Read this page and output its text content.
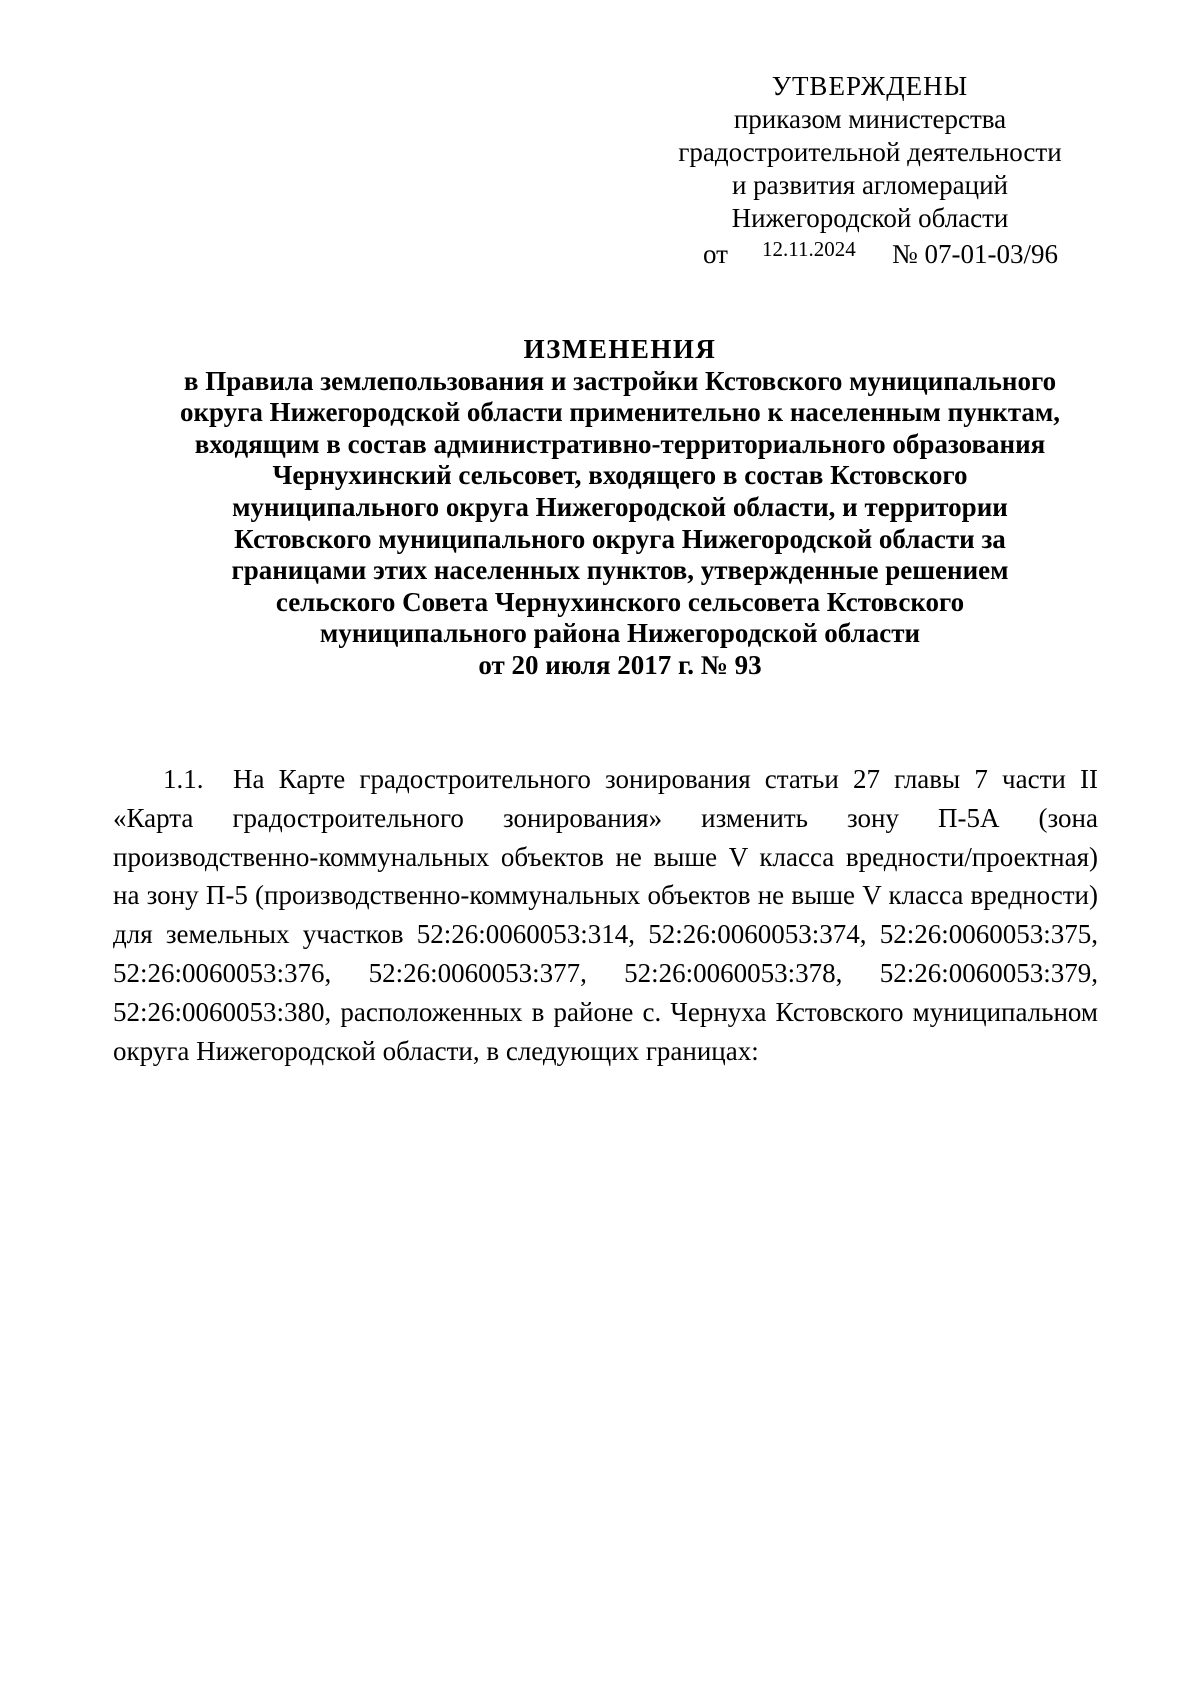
УТВЕРЖДЕНЫ
приказом министерства
градостроительной деятельности
и развития агломераций
Нижегородской области
от 12.11.2024 № 07-01-03/96
ИЗМЕНЕНИЯ
в Правила землепользования и застройки Кстовского муниципального
округа Нижегородской области применительно к населенным пунктам,
входящим в состав административно-территориального образования
Чернухинский сельсовет, входящего в состав Кстовского
муниципального округа Нижегородской области, и территории
Кстовского муниципального округа Нижегородской области за
границами этих населенных пунктов, утвержденные решением
сельского Совета Чернухинского сельсовета Кстовского
муниципального района Нижегородской области
от 20 июля 2017 г. № 93

1.1. На Карте градостроительного зонирования статьи 27 главы 7 части II «Карта градостроительного зонирования» изменить зону П-5А (зона производственно-коммунальных объектов не выше V класса вредности/проектная) на зону П-5 (производственно-коммунальных объектов не выше V класса вредности) для земельных участков 52:26:0060053:314, 52:26:0060053:374, 52:26:0060053:375, 52:26:0060053:376, 52:26:0060053:377, 52:26:0060053:378, 52:26:0060053:379, 52:26:0060053:380, расположенных в районе с. Чернуха Кстовского муниципальном округа Нижегородской области, в следующих границах:
